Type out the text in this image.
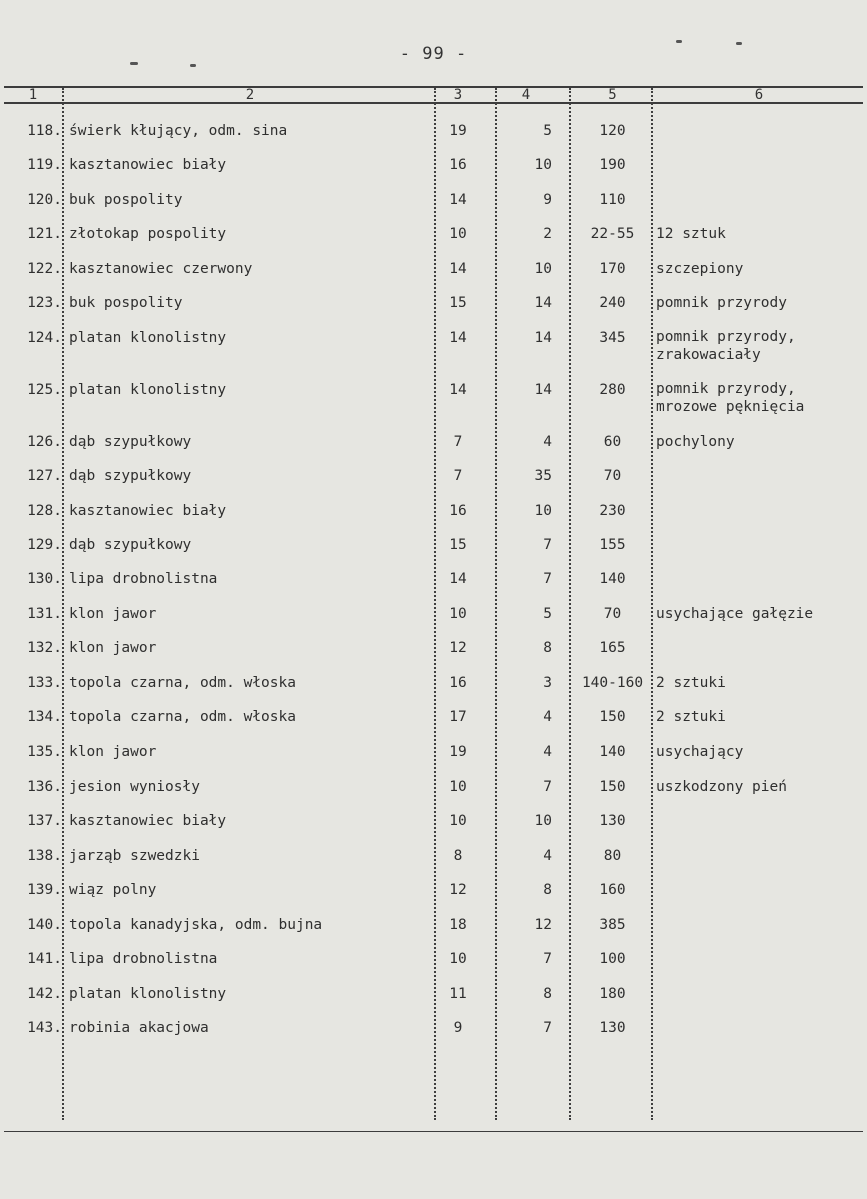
- 99 -
1	2	3	4	5	6
118. świerk kłujący, odm. sina	19	5	120
119. kasztanowiec biały	16	10	190
120. buk pospolity	14	9	110
121. złotokap pospolity	10	2	22-55	12 sztuk
122. kasztanowiec czerwony	14	10	170	szczepiony
123. buk pospolity	15	14	240	pomnik przyrody
124. platan klonolistny	14	14	345	pomnik przyrody,
zrakowaciały
125. platan klonolistny	14	14	280	pomnik przyrody,
mrozowe pęknięcia
126. dąb szypułkowy	7	4	60	pochylony
127. dąb szypułkowy	7	35	70
128. kasztanowiec biały	16	10	230
129. dąb szypułkowy	15	7	155
130. lipa drobnolistna	14	7	140
131. klon jawor	10	5	70	usychające gałęzie
132. klon jawor	12	8	165
133. topola czarna, odm. włoska	16	3	140-160 2 sztuki
134. topola czarna, odm. włoska	17	4	150	2 sztuki
135. klon jawor	19	4	140	usychający
136. jesion wyniosły	10	7	150	uszkodzony pień
137. kasztanowiec biały	10	10	130
138. jarząb szwedzki	8	4	80
139. wiąz polny	12	8	160
140. topola kanadyjska, odm. bujna	18	12	385
141. lipa drobnolistna	10	7	100
142. platan klonolistny	11	8	180
143. robinia akacjowa	9	7	130
